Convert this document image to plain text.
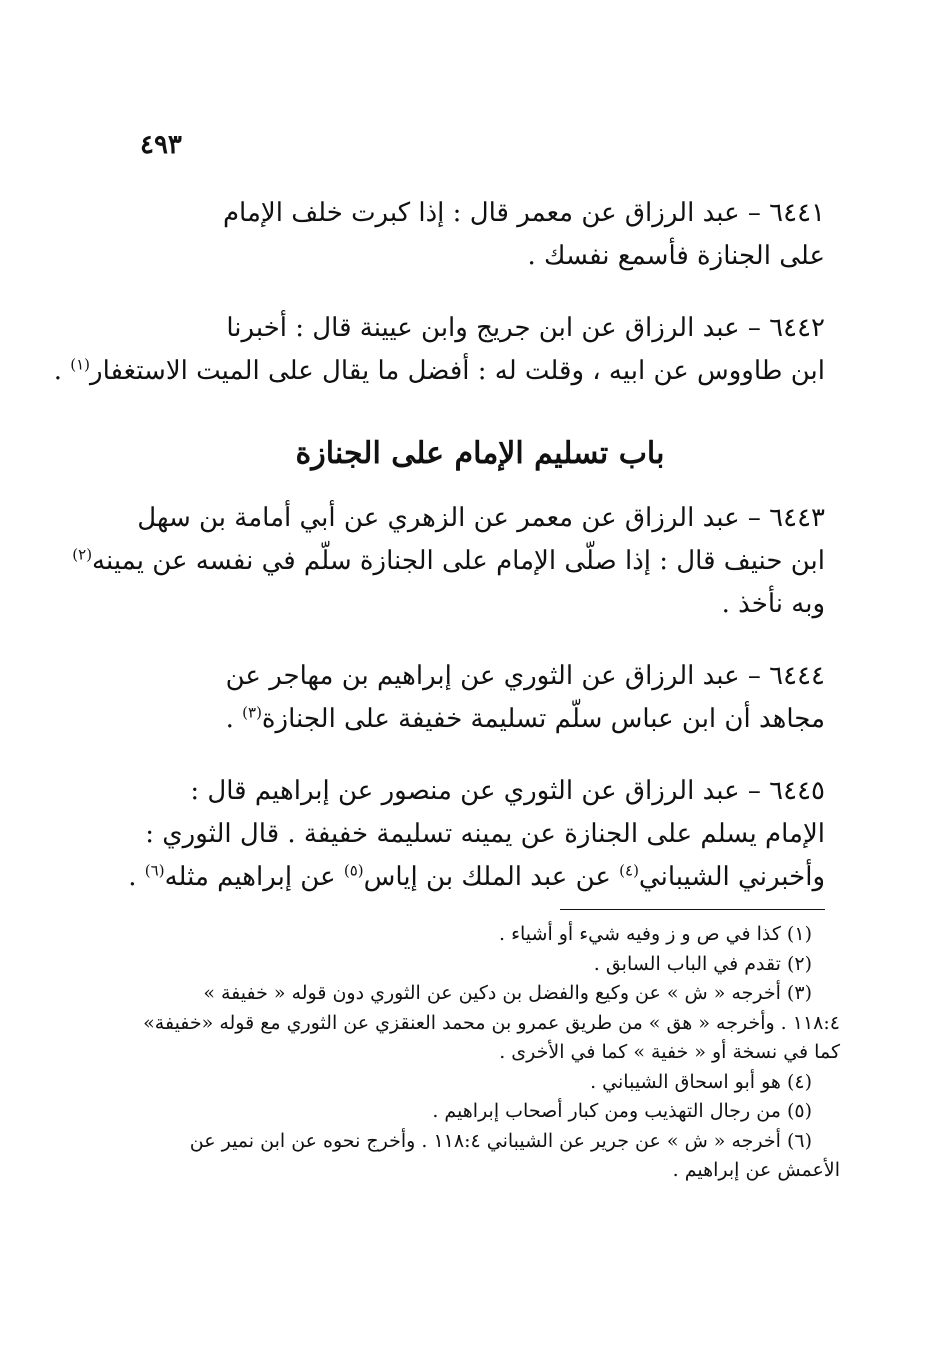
٤٩٣
٦٤٤١ – عبد الرزاق عن معمر قال : إذا كبرت خلف الإمام
على الجنازة فأسمع نفسك .
٦٤٤٢ – عبد الرزاق عن ابن جريج وابن عيينة قال : أخبرنا
ابن طاووس عن ابيه ، وقلت له : أفضل ما يقال على الميت الاستغفار$^{(١)}$ .
باب تسليم الإمام على الجنازة
٦٤٤٣ – عبد الرزاق عن معمر عن الزهري عن أبي أمامة بن سهل
ابن حنيف قال : إذا صلّى الإمام على الجنازة سلّم في نفسه عن يمينه$^{(٢)}$
وبه نأخذ .
٦٤٤٤ – عبد الرزاق عن الثوري عن إبراهيم بن مهاجر عن
مجاهد أن ابن عباس سلّم تسليمة خفيفة على الجنازة$^{(٣)}$ .
٦٤٤٥ – عبد الرزاق عن الثوري عن منصور عن إبراهيم قال :
الإمام يسلم على الجنازة عن يمينه تسليمة خفيفة . قال الثوري :
وأخبرني الشيباني$^{(٤)}$ عن عبد الملك بن إياس$^{(٥)}$ عن إبراهيم مثله$^{(٦)}$ .
(١) كذا في ص و ز وفيه شيء أو أشياء .
(٢) تقدم في الباب السابق .
(٣) أخرجه « ش » عن وكيع والفضل بن دكين عن الثوري دون قوله « خفيفة »
١١٨:٤ . وأخرجه « هق » من طريق عمرو بن محمد العنقزي عن الثوري مع قوله «خفيفة»
كما في نسخة أو « خفية » كما في الأخرى .
(٤) هو أبو اسحاق الشيباني .
(٥) من رجال التهذيب ومن كبار أصحاب إبراهيم .
(٦) أخرجه « ش » عن جرير عن الشيباني ١١٨:٤ . وأخرج نحوه عن ابن نمير عن
الأعمش عن إبراهيم .
